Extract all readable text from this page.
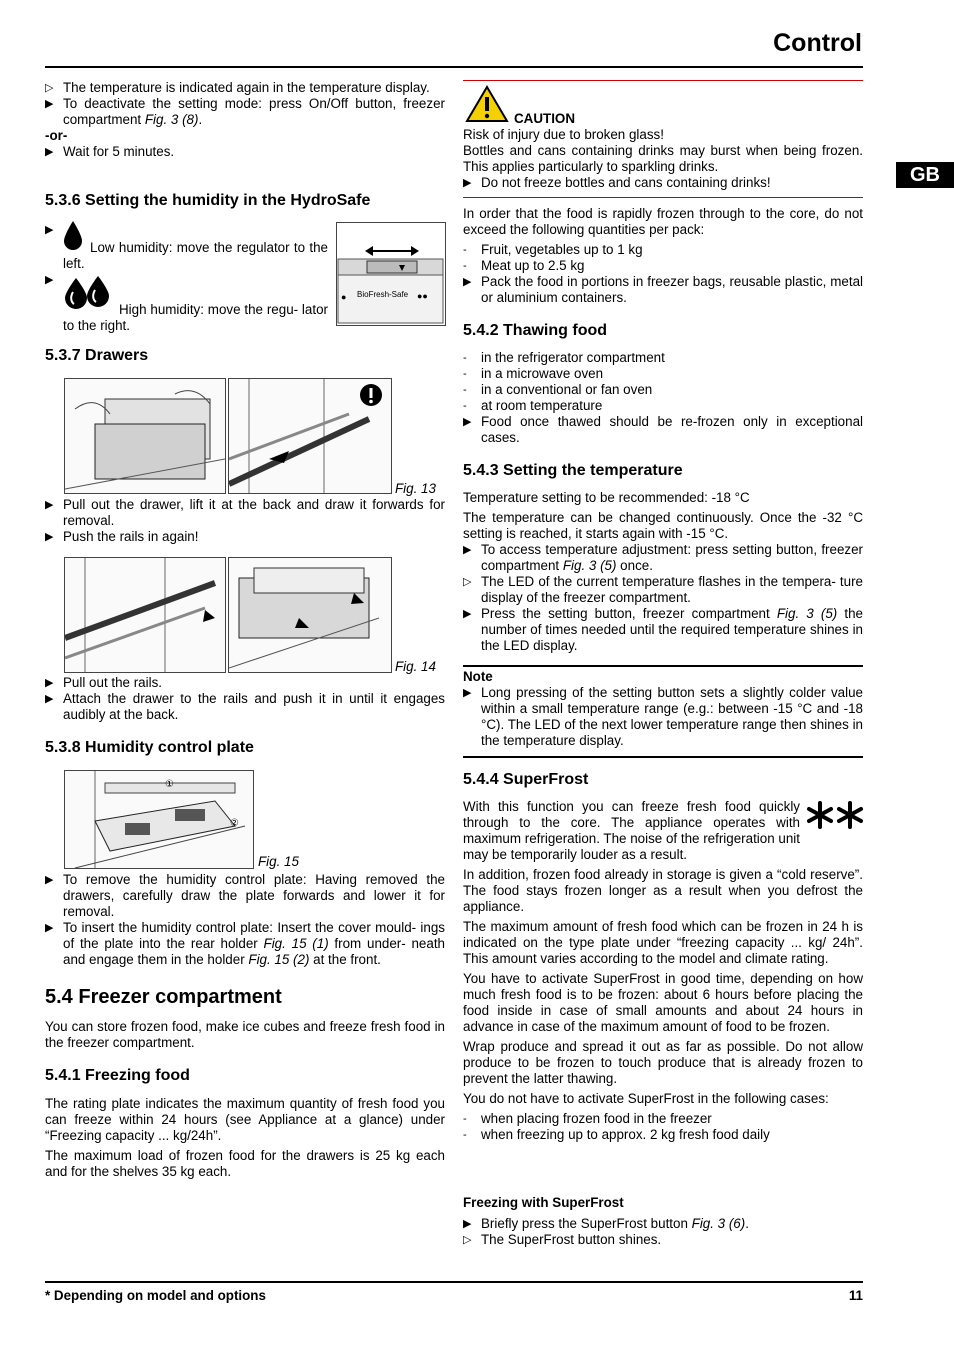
Control
GB
▷ The temperature is indicated again in the temperature display.
▶ To deactivate the setting mode: press On/Off button, freezer compartment Fig. 3 (8).
-or-
▶ Wait for 5 minutes.
5.3.6 Setting the humidity in the HydroSafe
▶
Low humidity: move the regulator to the left.
▶
High humidity: move the regu- lator to the right.
● BioFresh-Safe ●●
5.3.7 Drawers
Fig. 13
▶ Pull out the drawer, lift it at the back and draw it forwards for removal.
▶ Push the rails in again!
Fig. 14
▶ Pull out the rails.
▶ Attach the drawer to the rails and push it in until it engages audibly at the back.
5.3.8 Humidity control plate
①
②
Fig. 15
▶ To remove the humidity control plate: Having removed the drawers, carefully draw the plate forwards and lower it for removal.
▶ To insert the humidity control plate: Insert the cover mould- ings of the plate into the rear holder Fig. 15 (1) from under- neath and engage them in the holder Fig. 15 (2) at the front.
5.4 Freezer compartment

You can store frozen food, make ice cubes and freeze fresh food in the freezer compartment.

5.4.1 Freezing food

The rating plate indicates the maximum quantity of fresh food you can freeze within 24 hours (see Appliance at a glance) under “Freezing capacity ... kg/24h”.

The maximum load of frozen food for the drawers is 25 kg each and for the shelves 35 kg each.

CAUTION

Risk of injury due to broken glass!

Bottles and cans containing drinks may burst when being frozen. This applies particularly to sparkling drinks.

▶ Do not freeze bottles and cans containing drinks!

In order that the food is rapidly frozen through to the core, do not exceed the following quantities per pack:

-	Fruit, vegetables up to 1 kg
-	Meat up to 2.5 kg
▶ Pack the food in portions in freezer bags, reusable plastic, metal or aluminium containers.
5.4.2 Thawing food
-	in the refrigerator compartment
-	in a microwave oven
-	in a conventional or fan oven
-	at room temperature
▶ Food once thawed should be re-frozen only in exceptional cases.
5.4.3 Setting the temperature

Temperature setting to be recommended: -18 °C

The temperature can be changed continuously. Once the -32 °C setting is reached, it starts again with -15 °C.

▶ To access temperature adjustment: press setting button, freezer compartment Fig. 3 (5) once.
▷ The LED of the current temperature flashes in the tempera- ture display of the freezer compartment.
▶ Press the setting button, freezer compartment Fig. 3 (5) the number of times needed until the required temperature shines in the LED display.
Note
▶ Long pressing of the setting button sets a slightly colder value within a small temperature range (e.g.: between -15 °C and -18 °C). The LED of the next lower temperature range then shines in the temperature display.
5.4.4 SuperFrost

With this function you can freeze fresh food quickly through to the core. The appliance operates with maximum refrigeration. The noise of the refrigeration unit may be temporarily louder as a result.

In addition, frozen food already in storage is given a “cold reserve”. The food stays frozen longer as a result when you defrost the appliance.

The maximum amount of fresh food which can be frozen in 24 h is indicated on the type plate under “freezing capacity ... kg/ 24h”. This amount varies according to the model and climate rating.

You have to activate SuperFrost in good time, depending on how much fresh food is to be frozen: about 6 hours before placing the food inside in case of small amounts and about 24 hours in advance in case of the maximum amount of food to be frozen.

Wrap produce and spread it out as far as possible. Do not allow produce to be frozen to touch produce that is already frozen to prevent the latter thawing.

You do not have to activate SuperFrost in the following cases:

-	when placing frozen food in the freezer
-	when freezing up to approx. 2 kg fresh food daily
Freezing with SuperFrost
▶ Briefly press the SuperFrost button Fig. 3 (6).
▷ The SuperFrost button shines.
* Depending on model and options	11
